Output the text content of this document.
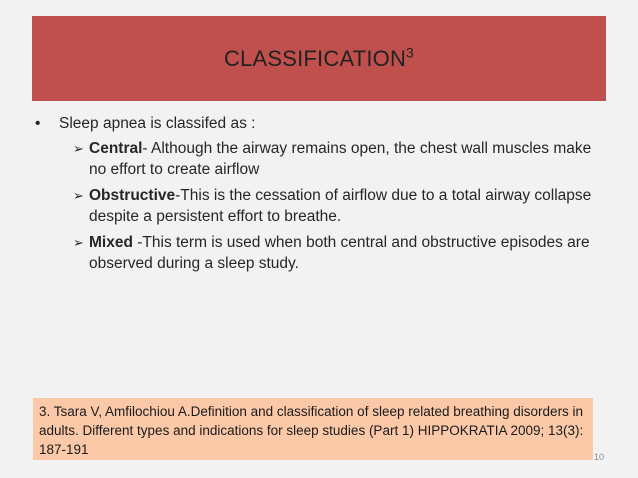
CLASSIFICATION$^3$
•	Sleep apnea is classifed as :
➢ Central- Although the airway remains open, the chest wall muscles make no effort to create airflow
➢ Obstructive-This is the cessation of airflow due to a total airway collapse despite a persistent effort to breathe.
➢ Mixed -This term is used when both central and obstructive episodes are observed during a sleep study.
3. Tsara V, Amfilochiou A.Definition and classification of sleep related breathing disorders in adults. Different types and indications for sleep studies (Part 1) HIPPOKRATIA 2009; 13(3): 187-191	10
